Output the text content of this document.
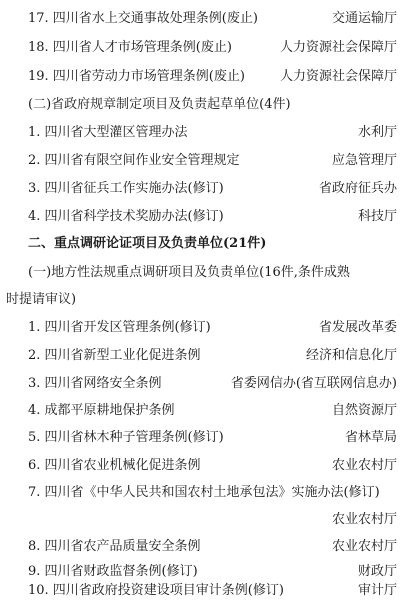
17. 四川省水上交通事故处理条例(废止)	交通运输厅
18. 四川省人才市场管理条例(废止)	人力资源社会保障厅
19. 四川省劳动力市场管理条例(废止)	人力资源社会保障厅
(二)省政府规章制定项目及负责起草单位(4件)
1. 四川省大型灌区管理办法	水利厅
2. 四川省有限空间作业安全管理规定	应急管理厅
3. 四川省征兵工作实施办法(修订)	省政府征兵办
4. 四川省科学技术奖励办法(修订)	科技厅
二、重点调研论证项目及负责单位(21件)
(一)地方性法规重点调研项目及负责单位(16件,条件成熟
时提请审议)
1. 四川省开发区管理条例(修订)	省发展改革委
2. 四川省新型工业化促进条例	经济和信息化厅
3. 四川省网络安全条例	省委网信办(省互联网信息办)
4. 成都平原耕地保护条例	自然资源厅
5. 四川省林木种子管理条例(修订)	省林草局
6. 四川省农业机械化促进条例	农业农村厅
7. 四川省《中华人民共和国农村土地承包法》实施办法(修订)
农业农村厅
8. 四川省农产品质量安全条例	农业农村厅
9. 四川省财政监督条例(修订)	财政厅
10. 四川省政府投资建设项目审计条例(修订)	审计厅
